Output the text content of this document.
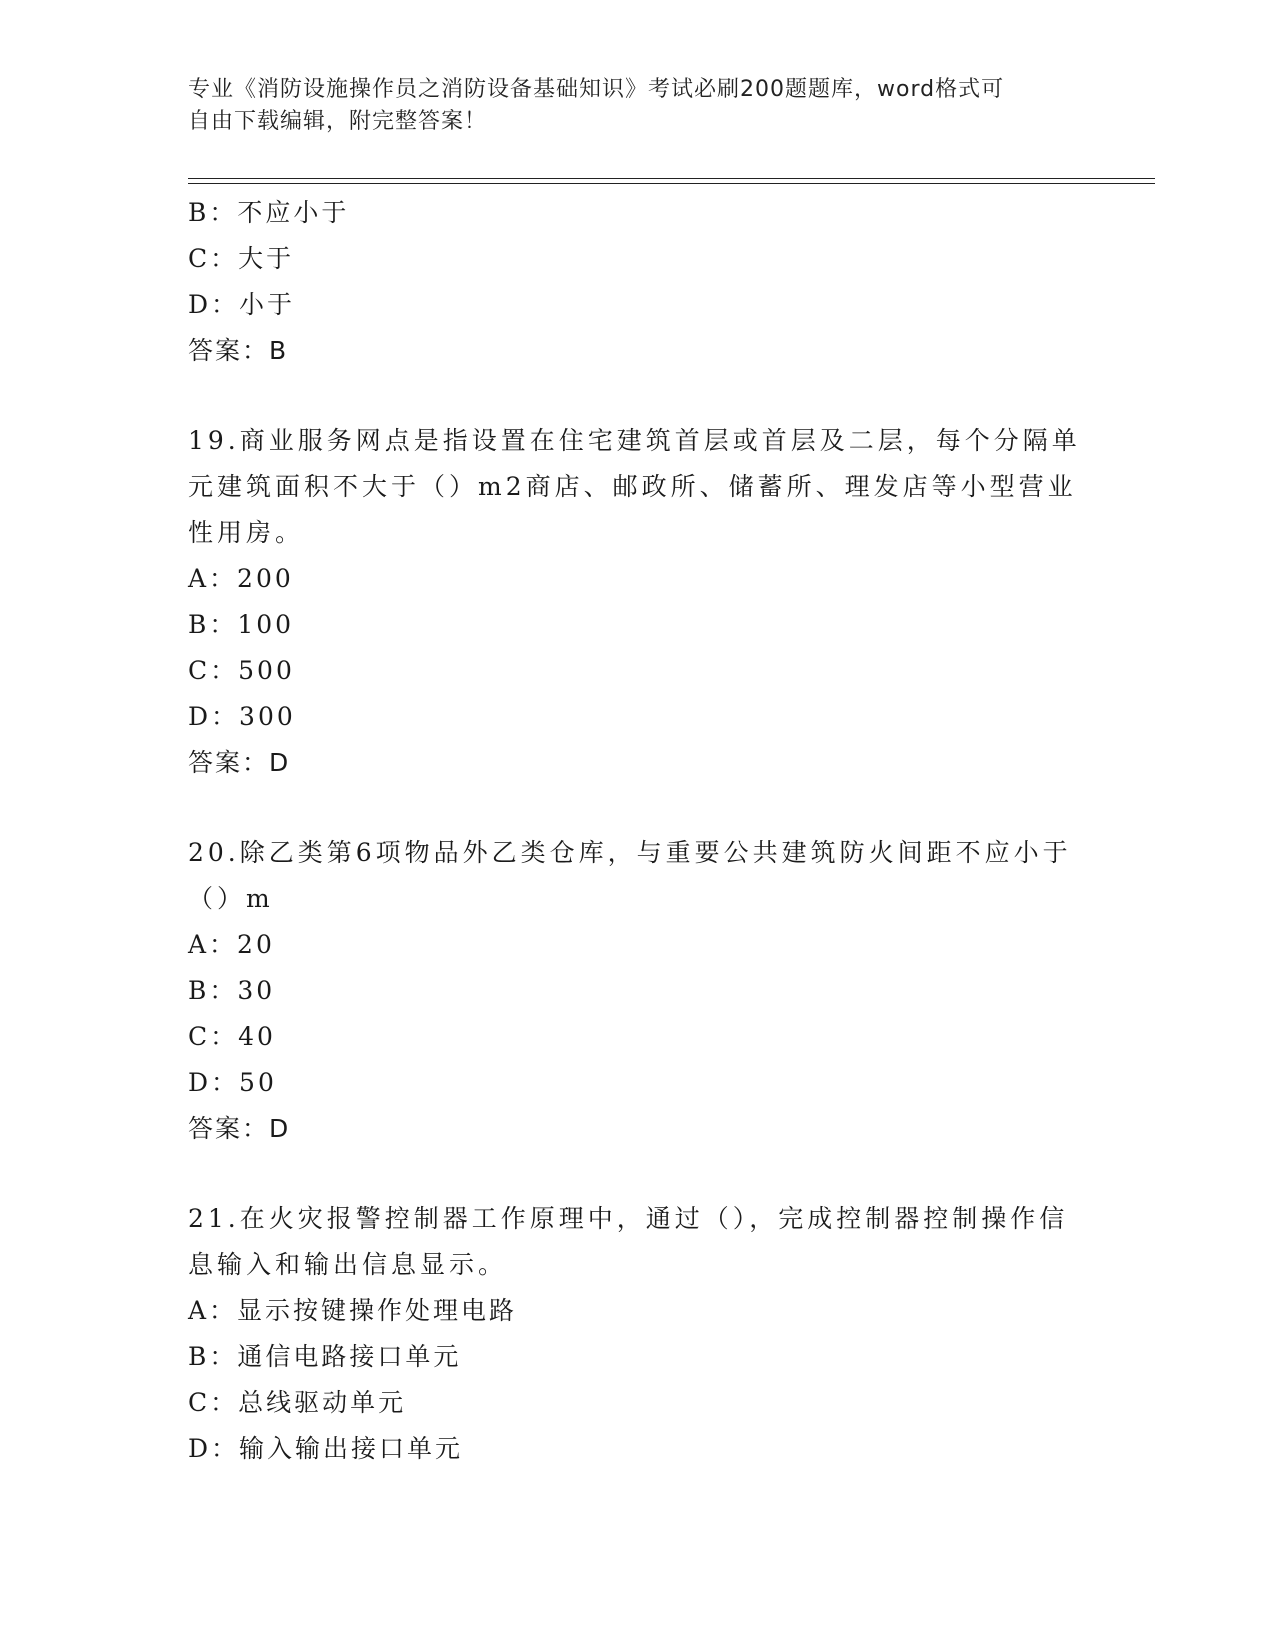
专业《消防设施操作员之消防设备基础知识》考试必刷200题题库，word格式可
自由下载编辑，附完整答案！
B：不应小于
C：大于
D：小于
答案：B
19.商业服务网点是指设置在住宅建筑首层或首层及二层，每个分隔单
元建筑面积不大于（）m2商店、邮政所、储蓄所、理发店等小型营业
性用房。
A：200
B：100
C：500
D：300
答案：D
20.除乙类第6项物品外乙类仓库，与重要公共建筑防火间距不应小于
（）m
A：20
B：30
C：40
D：50
答案：D
21.在火灾报警控制器工作原理中，通过（），完成控制器控制操作信
息输入和输出信息显示。
A：显示按键操作处理电路
B：通信电路接口单元
C：总线驱动单元
D：输入输出接口单元
